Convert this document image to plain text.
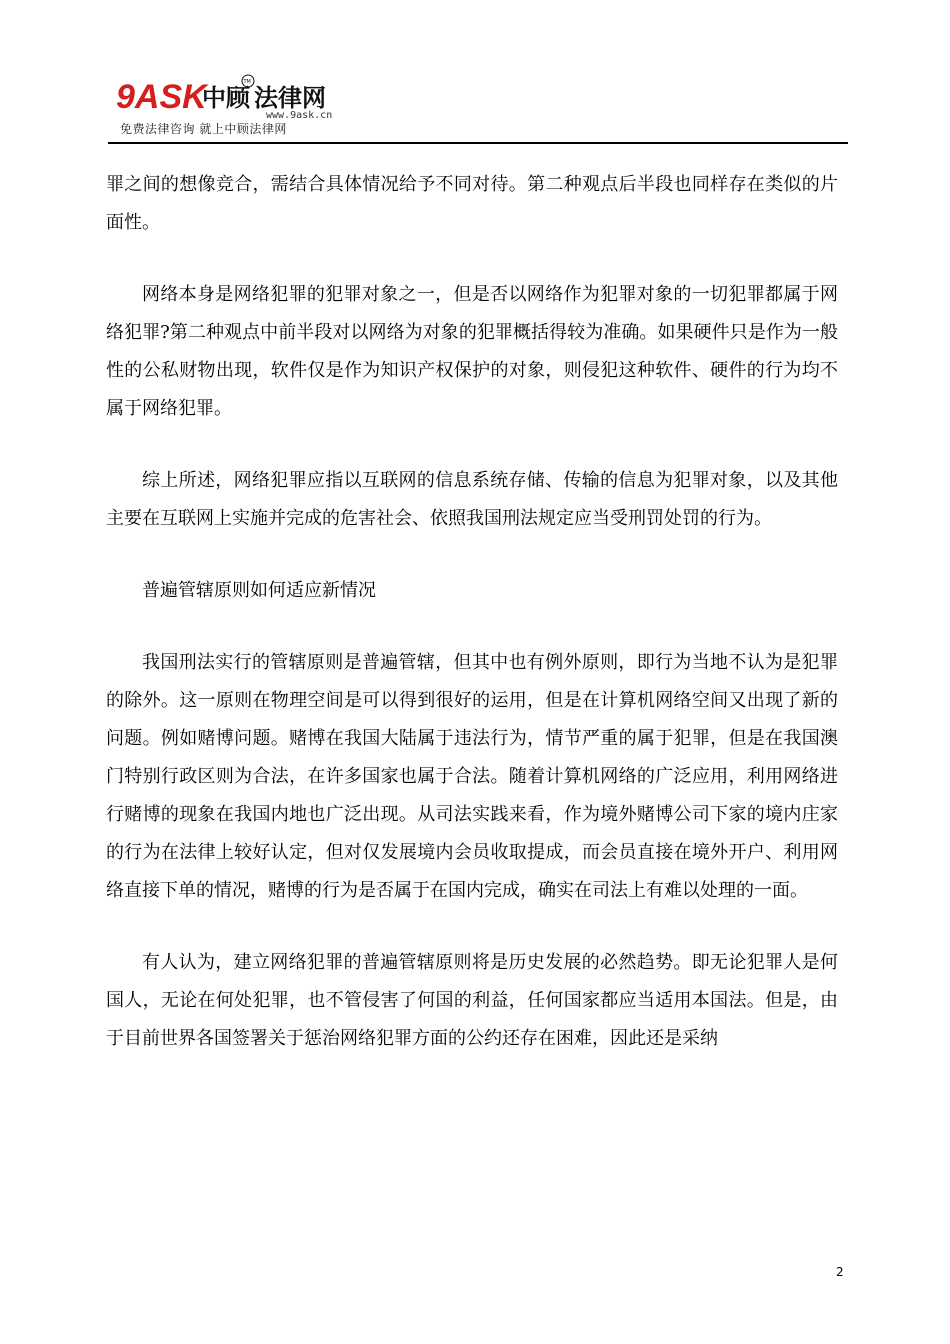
9ASK
中顾 法律网
TM
www.9ask.cn
免费法律咨询 就上中顾法律网

罪之间的想像竞合，需结合具体情况给予不同对待。第二种观点后半段也同样存在类似的片面性。

网络本身是网络犯罪的犯罪对象之一，但是否以网络作为犯罪对象的一切犯罪都属于网络犯罪?第二种观点中前半段对以网络为对象的犯罪概括得较为准确。如果硬件只是作为一般性的公私财物出现，软件仅是作为知识产权保护的对象，则侵犯这种软件、硬件的行为均不属于网络犯罪。

综上所述，网络犯罪应指以互联网的信息系统存储、传输的信息为犯罪对象，以及其他主要在互联网上实施并完成的危害社会、依照我国刑法规定应当受刑罚处罚的行为。

普遍管辖原则如何适应新情况

我国刑法实行的管辖原则是普遍管辖，但其中也有例外原则，即行为当地不认为是犯罪的除外。这一原则在物理空间是可以得到很好的运用，但是在计算机网络空间又出现了新的问题。例如赌博问题。赌博在我国大陆属于违法行为，情节严重的属于犯罪，但是在我国澳门特别行政区则为合法，在许多国家也属于合法。随着计算机网络的广泛应用，利用网络进行赌博的现象在我国内地也广泛出现。从司法实践来看，作为境外赌博公司下家的境内庄家的行为在法律上较好认定，但对仅发展境内会员收取提成，而会员直接在境外开户、利用网络直接下单的情况，赌博的行为是否属于在国内完成，确实在司法上有难以处理的一面。

有人认为，建立网络犯罪的普遍管辖原则将是历史发展的必然趋势。即无论犯罪人是何国人，无论在何处犯罪，也不管侵害了何国的利益，任何国家都应当适用本国法。但是，由于目前世界各国签署关于惩治网络犯罪方面的公约还存在困难，因此还是采纳

2
